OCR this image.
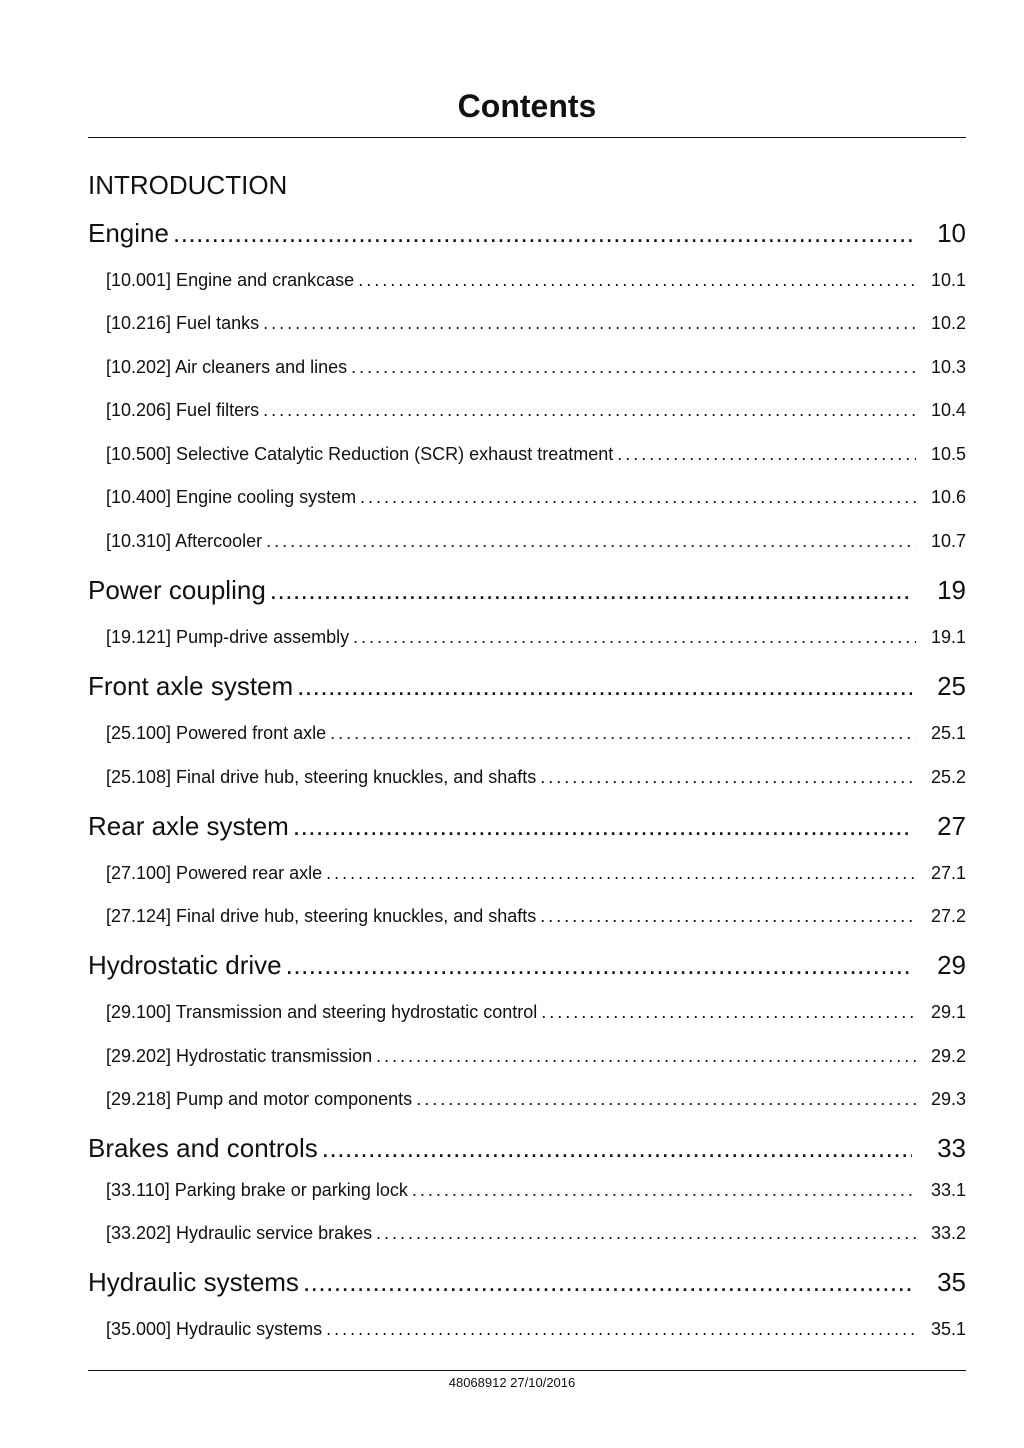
Contents
INTRODUCTION
Engine .....	10
[10.001] Engine and crankcase .....	10.1
[10.216] Fuel tanks .....	10.2
[10.202] Air cleaners and lines .....	10.3
[10.206] Fuel filters .....	10.4
[10.500] Selective Catalytic Reduction (SCR) exhaust treatment .....	10.5
[10.400] Engine cooling system .....	10.6
[10.310] Aftercooler .....	10.7
Power coupling .....	19
[19.121] Pump-drive assembly .....	19.1
Front axle system .....	25
[25.100] Powered front axle .....	25.1
[25.108] Final drive hub, steering knuckles, and shafts .....	25.2
Rear axle system .....	27
[27.100] Powered rear axle .....	27.1
[27.124] Final drive hub, steering knuckles, and shafts .....	27.2
Hydrostatic drive .....	29
[29.100] Transmission and steering hydrostatic control .....	29.1
[29.202] Hydrostatic transmission .....	29.2
[29.218] Pump and motor components .....	29.3
Brakes and controls .....	33
[33.110] Parking brake or parking lock .....	33.1
[33.202] Hydraulic service brakes .....	33.2
Hydraulic systems .....	35
[35.000] Hydraulic systems .....	35.1
48068912 27/10/2016
